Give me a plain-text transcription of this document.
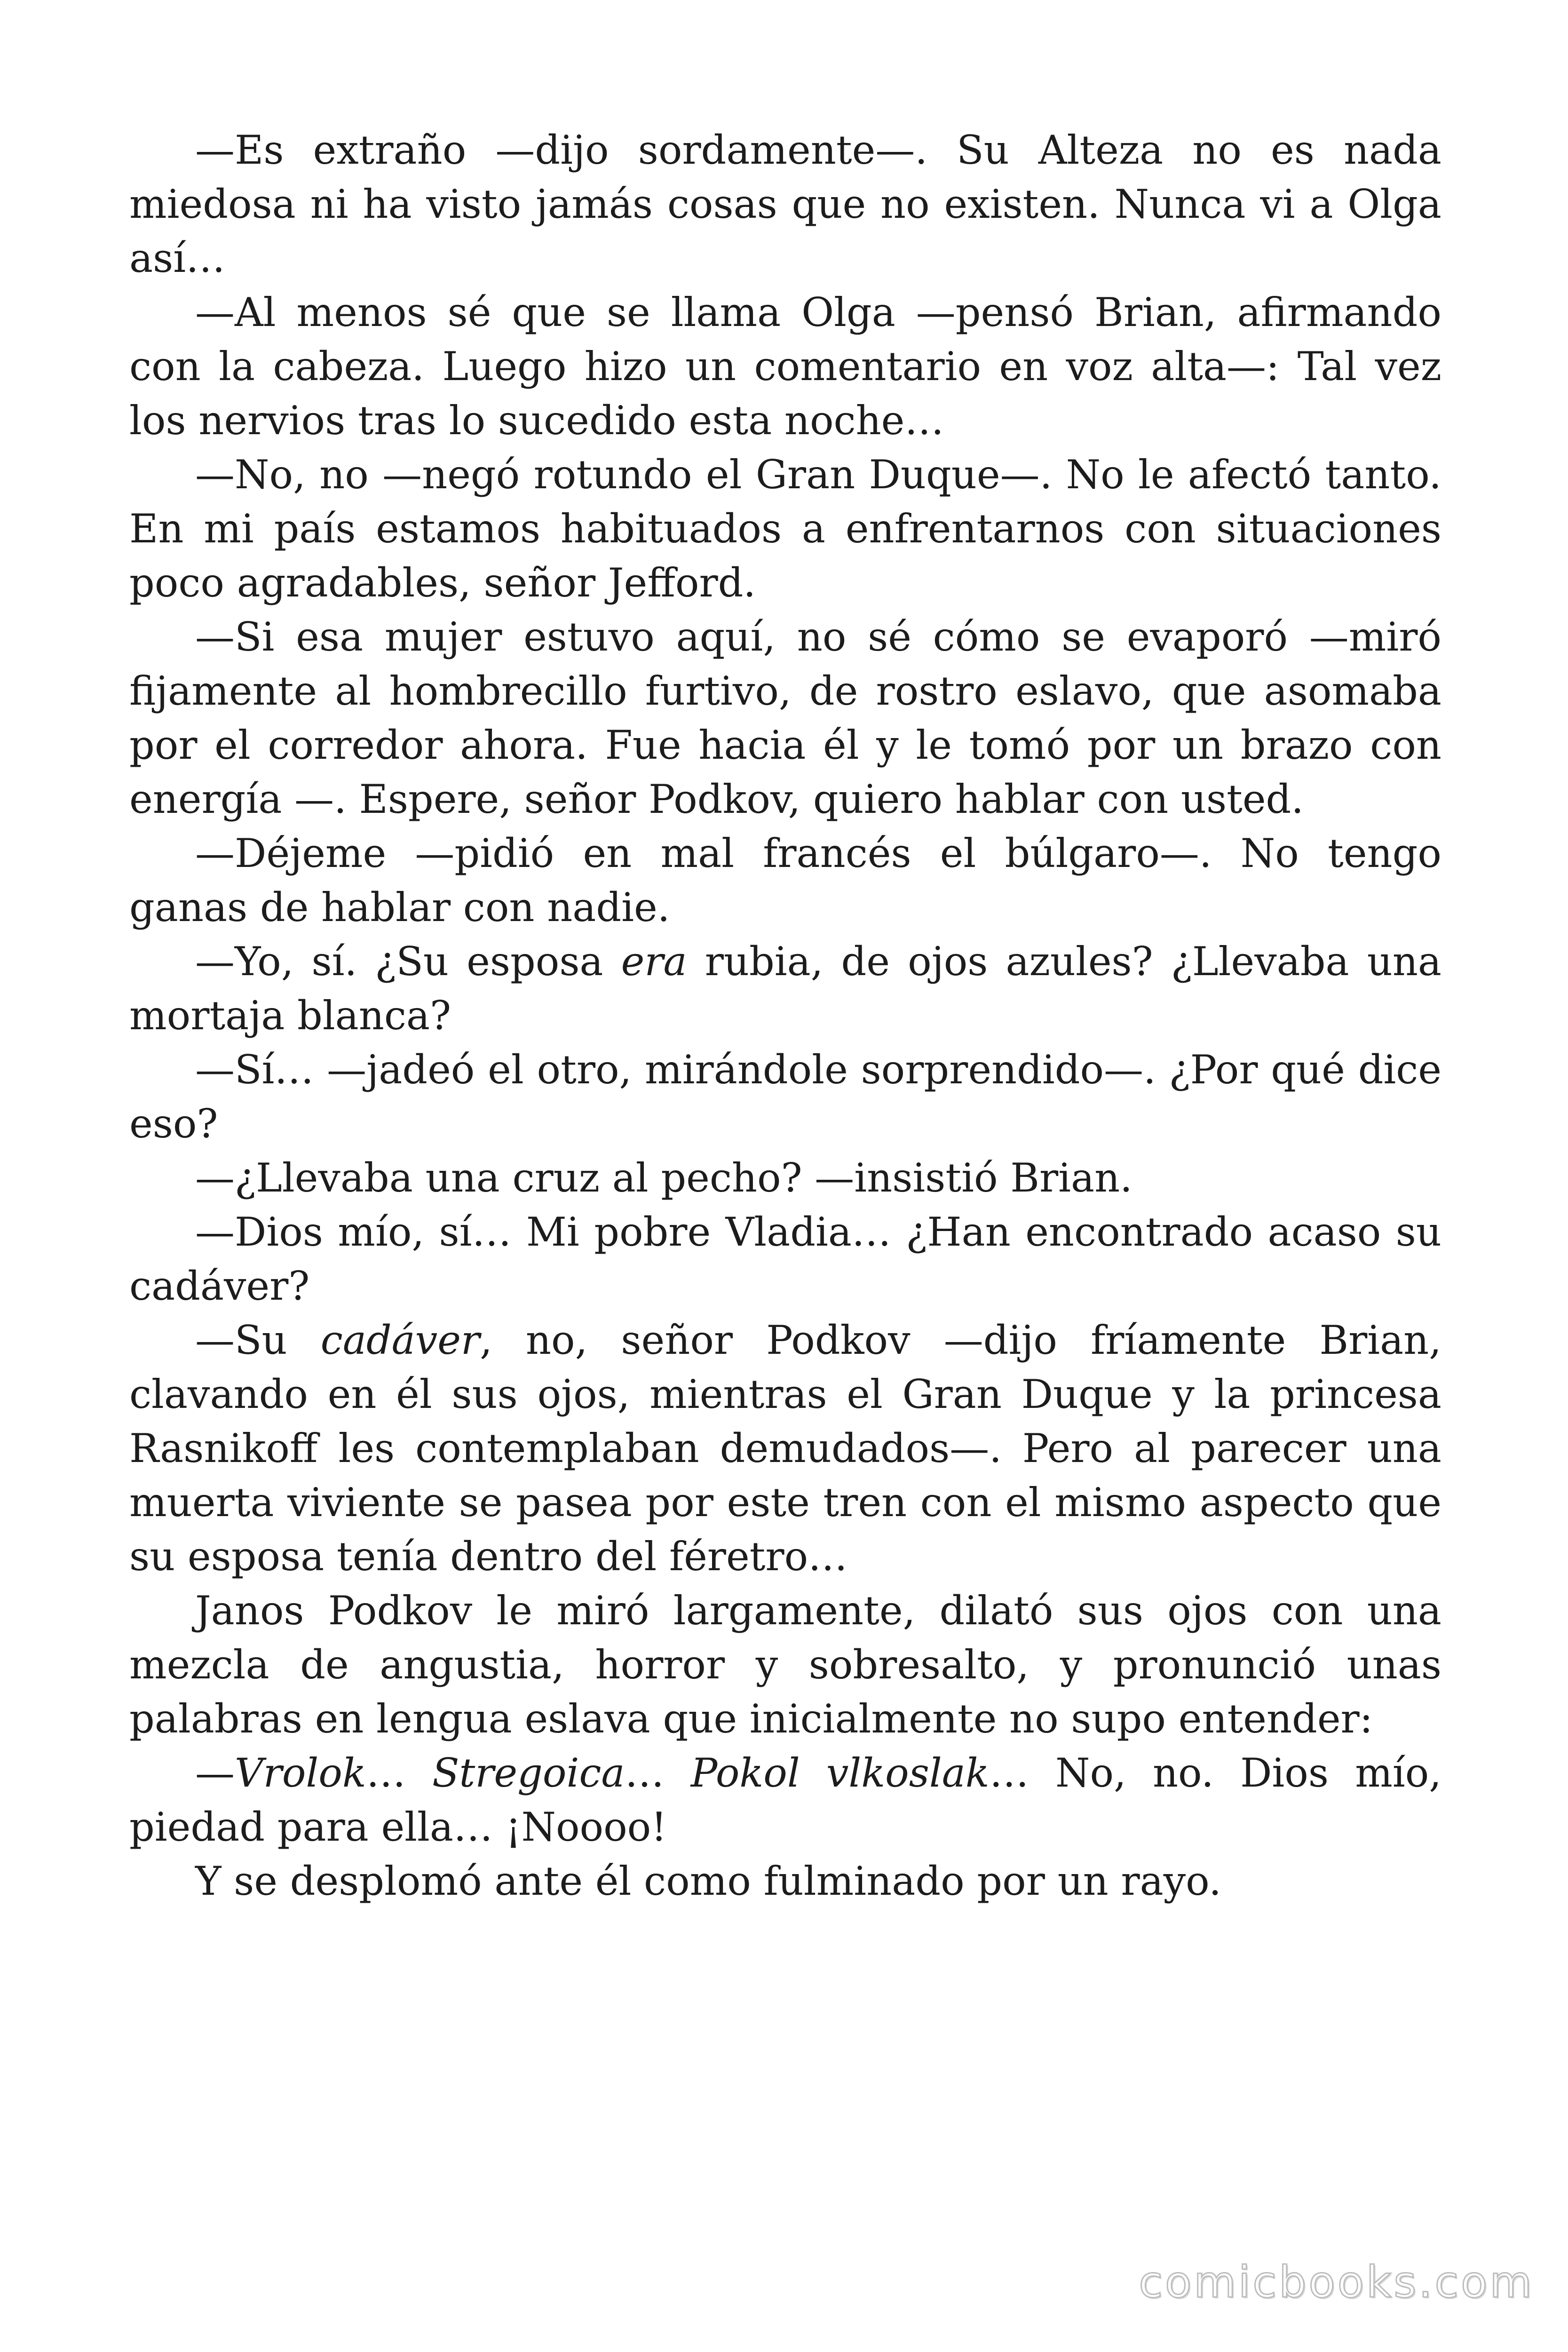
—Es extraño —dijo sordamente—. Su Alteza no es nada miedosa ni ha visto jamás cosas que no existen. Nunca vi a Olga así…

—Al menos sé que se llama Olga —pensó Brian, afirmando con la cabeza. Luego hizo un comentario en voz alta—: Tal vez los nervios tras lo sucedido esta noche…

—No, no —negó rotundo el Gran Duque—. No le afectó tanto. En mi país estamos habituados a enfrentarnos con situaciones poco agradables, señor Jefford.

—Si esa mujer estuvo aquí, no sé cómo se evaporó —miró fijamente al hombrecillo furtivo, de rostro eslavo, que asomaba por el corredor ahora. Fue hacia él y le tomó por un brazo con energía —. Espere, señor Podkov, quiero hablar con usted.

—Déjeme —pidió en mal francés el búlgaro—. No tengo ganas de hablar con nadie.

—Yo, sí. ¿Su esposa era rubia, de ojos azules? ¿Llevaba una mortaja blanca?

—Sí… —jadeó el otro, mirándole sorprendido—. ¿Por qué dice eso?

—¿Llevaba una cruz al pecho? —insistió Brian.

—Dios mío, sí… Mi pobre Vladia… ¿Han encontrado acaso su cadáver?

—Su cadáver, no, señor Podkov —dijo fríamente Brian, clavando en él sus ojos, mientras el Gran Duque y la princesa Rasnikoff les contemplaban demudados—. Pero al parecer una muerta viviente se pasea por este tren con el mismo aspecto que su esposa tenía dentro del féretro…

Janos Podkov le miró largamente, dilató sus ojos con una mezcla de angustia, horror y sobresalto, y pronunció unas palabras en lengua eslava que inicialmente no supo entender:

—Vrolok… Stregoica… Pokol vlkoslak… No, no. Dios mío, piedad para ella… ¡Noooo!

Y se desplomó ante él como fulminado por un rayo.

comicbooks.com
